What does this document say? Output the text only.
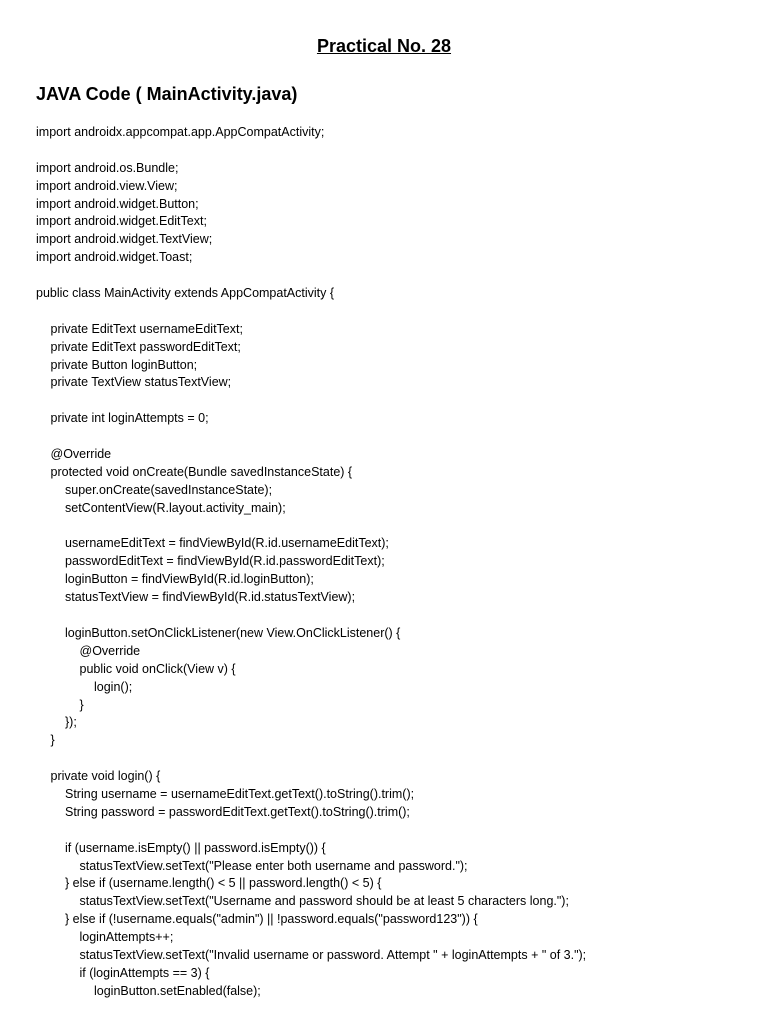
Practical No. 28
JAVA Code ( MainActivity.java)
import androidx.appcompat.app.AppCompatActivity;
import android.os.Bundle;
import android.view.View;
import android.widget.Button;
import android.widget.EditText;
import android.widget.TextView;
import android.widget.Toast;
public class MainActivity extends AppCompatActivity {
private EditText usernameEditText;
private EditText passwordEditText;
private Button loginButton;
private TextView statusTextView;
private int loginAttempts = 0;
@Override
protected void onCreate(Bundle savedInstanceState) {
super.onCreate(savedInstanceState);
setContentView(R.layout.activity_main);
usernameEditText = findViewById(R.id.usernameEditText);
passwordEditText = findViewById(R.id.passwordEditText);
loginButton = findViewById(R.id.loginButton);
statusTextView = findViewById(R.id.statusTextView);
loginButton.setOnClickListener(new View.OnClickListener() {
@Override
public void onClick(View v) {
login();
}
});
}
private void login() {
String username = usernameEditText.getText().toString().trim();
String password = passwordEditText.getText().toString().trim();
if (username.isEmpty() || password.isEmpty()) {
statusTextView.setText("Please enter both username and password.");
} else if (username.length() < 5 || password.length() < 5) {
statusTextView.setText("Username and password should be at least 5 characters long.");
} else if (!username.equals("admin") || !password.equals("password123")) {
loginAttempts++;
statusTextView.setText("Invalid username or password. Attempt " + loginAttempts + " of 3.");
if (loginAttempts == 3) {
loginButton.setEnabled(false);
